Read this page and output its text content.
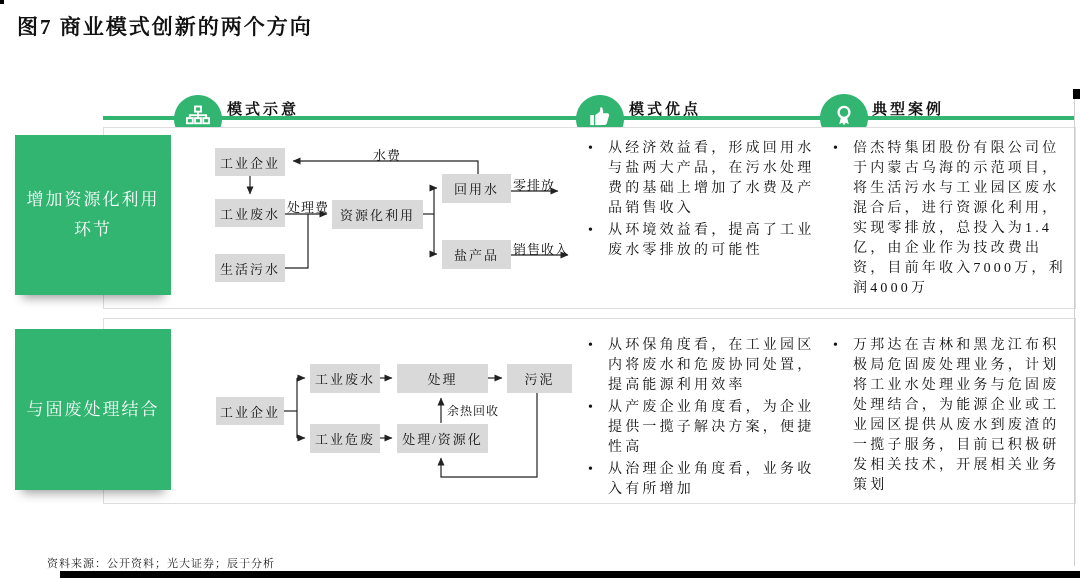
图7 商业模式创新的两个方向
模式示意	模式优点	典型案例
增加资源化利用环节
与固废处理结合
工业企业
工业废水
生活污水
资源化利用
回用水
盐产品
水费
处理费
零排放
销售收入
工业企业
工业废水
工业危废
处理
处理/资源化
污泥
余热回收
• 从经济效益看，形成回用水与盐两大产品，在污水处理费的基础上增加了水费及产品销售收入
• 从环境效益看，提高了工业废水零排放的可能性
• 倍杰特集团股份有限公司位于内蒙古乌海的示范项目，将生活污水与工业园区废水混合后，进行资源化利用，实现零排放，总投入为1.4亿，由企业作为技改费出资，目前年收入7000万，利润4000万
• 从环保角度看，在工业园区内将废水和危废协同处置，提高能源利用效率
• 从产废企业角度看，为企业提供一揽子解决方案，便捷性高
• 从治理企业角度看，业务收入有所增加
• 万邦达在吉林和黑龙江布积极局危固废处理业务，计划将工业水处理业务与危固废处理结合，为能源企业或工业园区提供从废水到废渣的一揽子服务，目前已积极研发相关技术，开展相关业务策划
资料来源：公开资料；光大证券；辰于分析
